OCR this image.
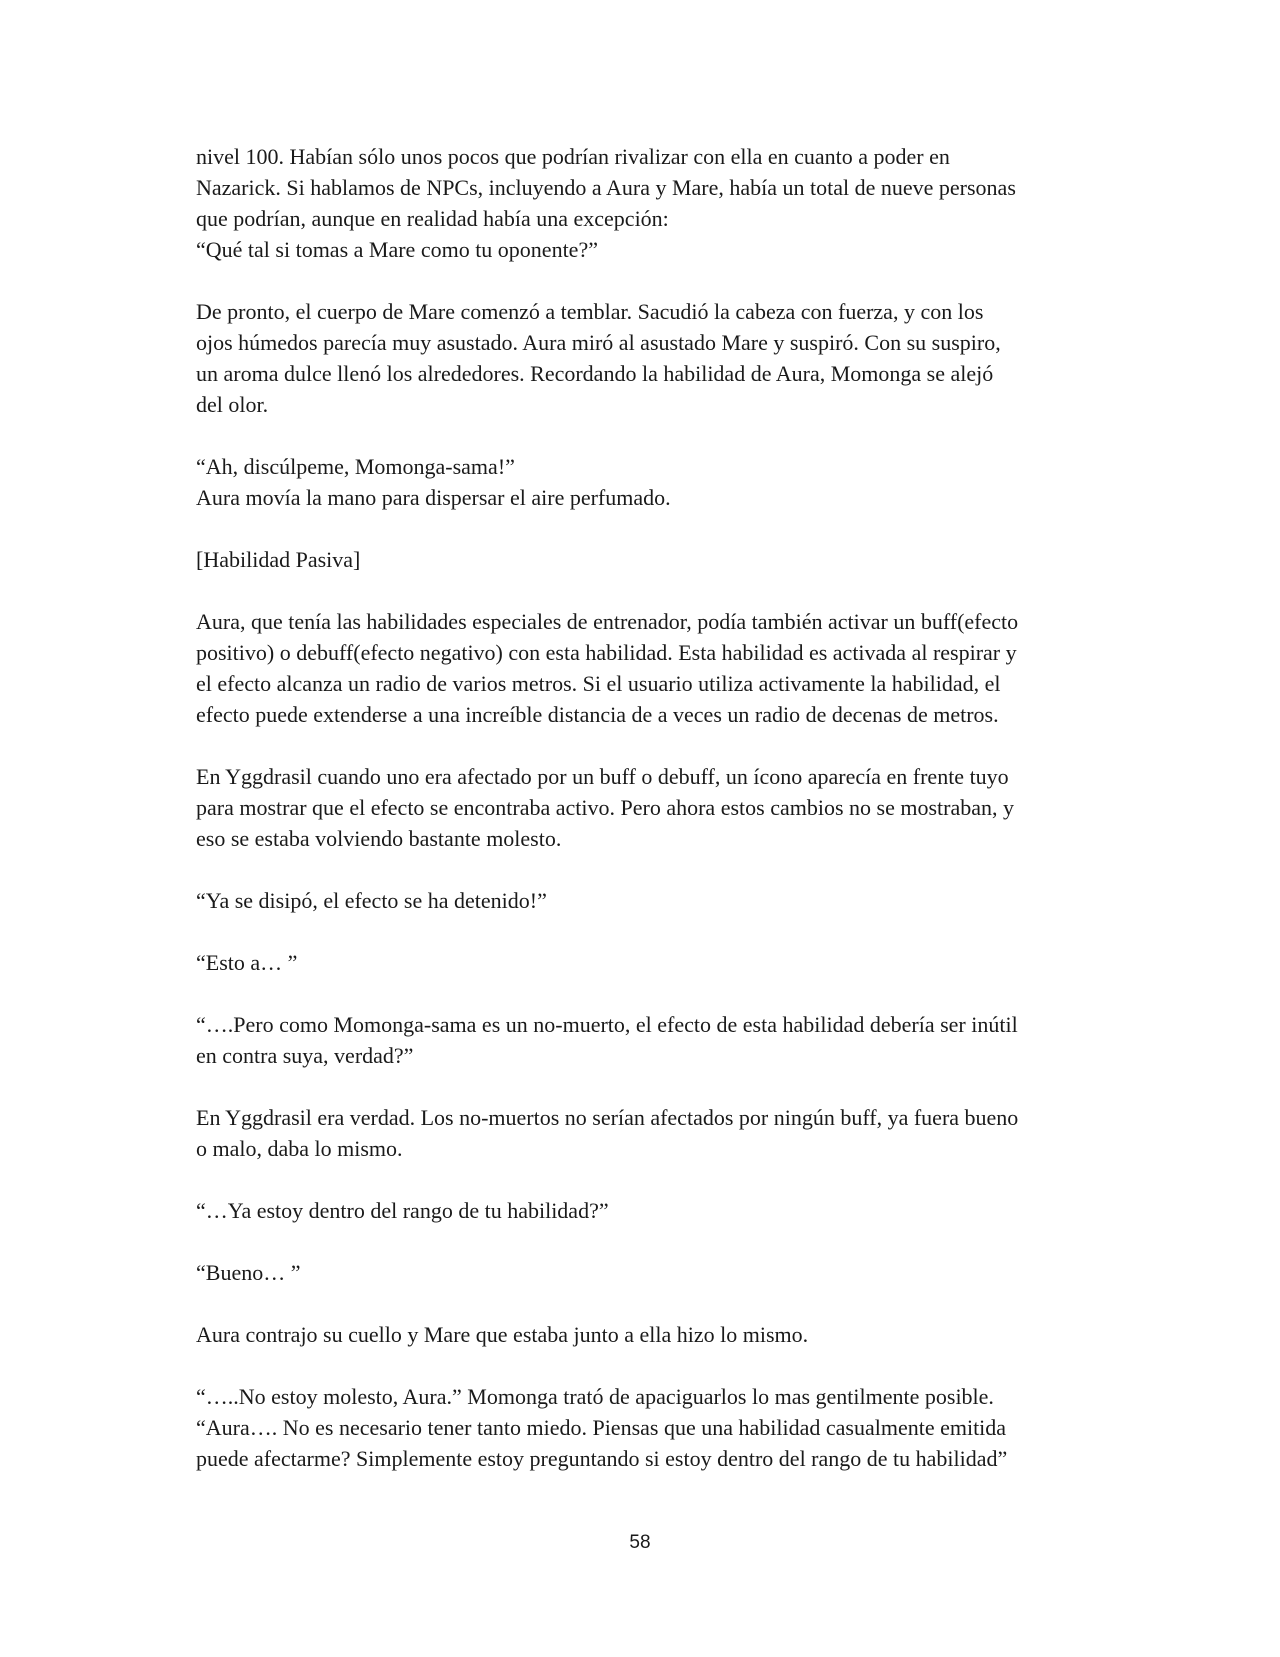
nivel 100. Habían sólo unos pocos que podrían rivalizar con ella en cuanto a poder en
Nazarick. Si hablamos de NPCs, incluyendo a Aura y Mare, había un total de nueve personas
que podrían, aunque en realidad había una excepción:
“Qué tal si tomas a Mare como tu oponente?”

De pronto, el cuerpo de Mare comenzó a temblar. Sacudió la cabeza con fuerza, y con los
ojos húmedos parecía muy asustado. Aura miró al asustado Mare y suspiró. Con su suspiro,
un aroma dulce llenó los alrededores. Recordando la habilidad de Aura, Momonga se alejó
del olor.

“Ah, discúlpeme, Momonga-sama!”
Aura movía la mano para dispersar el aire perfumado.

[Habilidad Pasiva]

Aura, que tenía las habilidades especiales de entrenador, podía también activar un buff(efecto
positivo) o debuff(efecto negativo) con esta habilidad. Esta habilidad es activada al respirar y
el efecto alcanza un radio de varios metros. Si el usuario utiliza activamente la habilidad, el
efecto puede extenderse a una increíble distancia de a veces un radio de decenas de metros.

En Yggdrasil cuando uno era afectado por un buff o debuff, un ícono aparecía en frente tuyo
para mostrar que el efecto se encontraba activo. Pero ahora estos cambios no se mostraban, y
eso se estaba volviendo bastante molesto.

“Ya se disipó, el efecto se ha detenido!”

“Esto a… ”

“….Pero como Momonga-sama es un no-muerto, el efecto de esta habilidad debería ser inútil
en contra suya, verdad?”

En Yggdrasil era verdad. Los no-muertos no serían afectados por ningún buff, ya fuera bueno
o malo, daba lo mismo.

“…Ya estoy dentro del rango de tu habilidad?”

“Bueno… ”

Aura contrajo su cuello y Mare que estaba junto a ella hizo lo mismo.

“…..No estoy molesto, Aura.” Momonga trató de apaciguarlos lo mas gentilmente posible.
“Aura…. No es necesario tener tanto miedo. Piensas que una habilidad casualmente emitida
puede afectarme? Simplemente estoy preguntando si estoy dentro del rango de tu habilidad”

58
